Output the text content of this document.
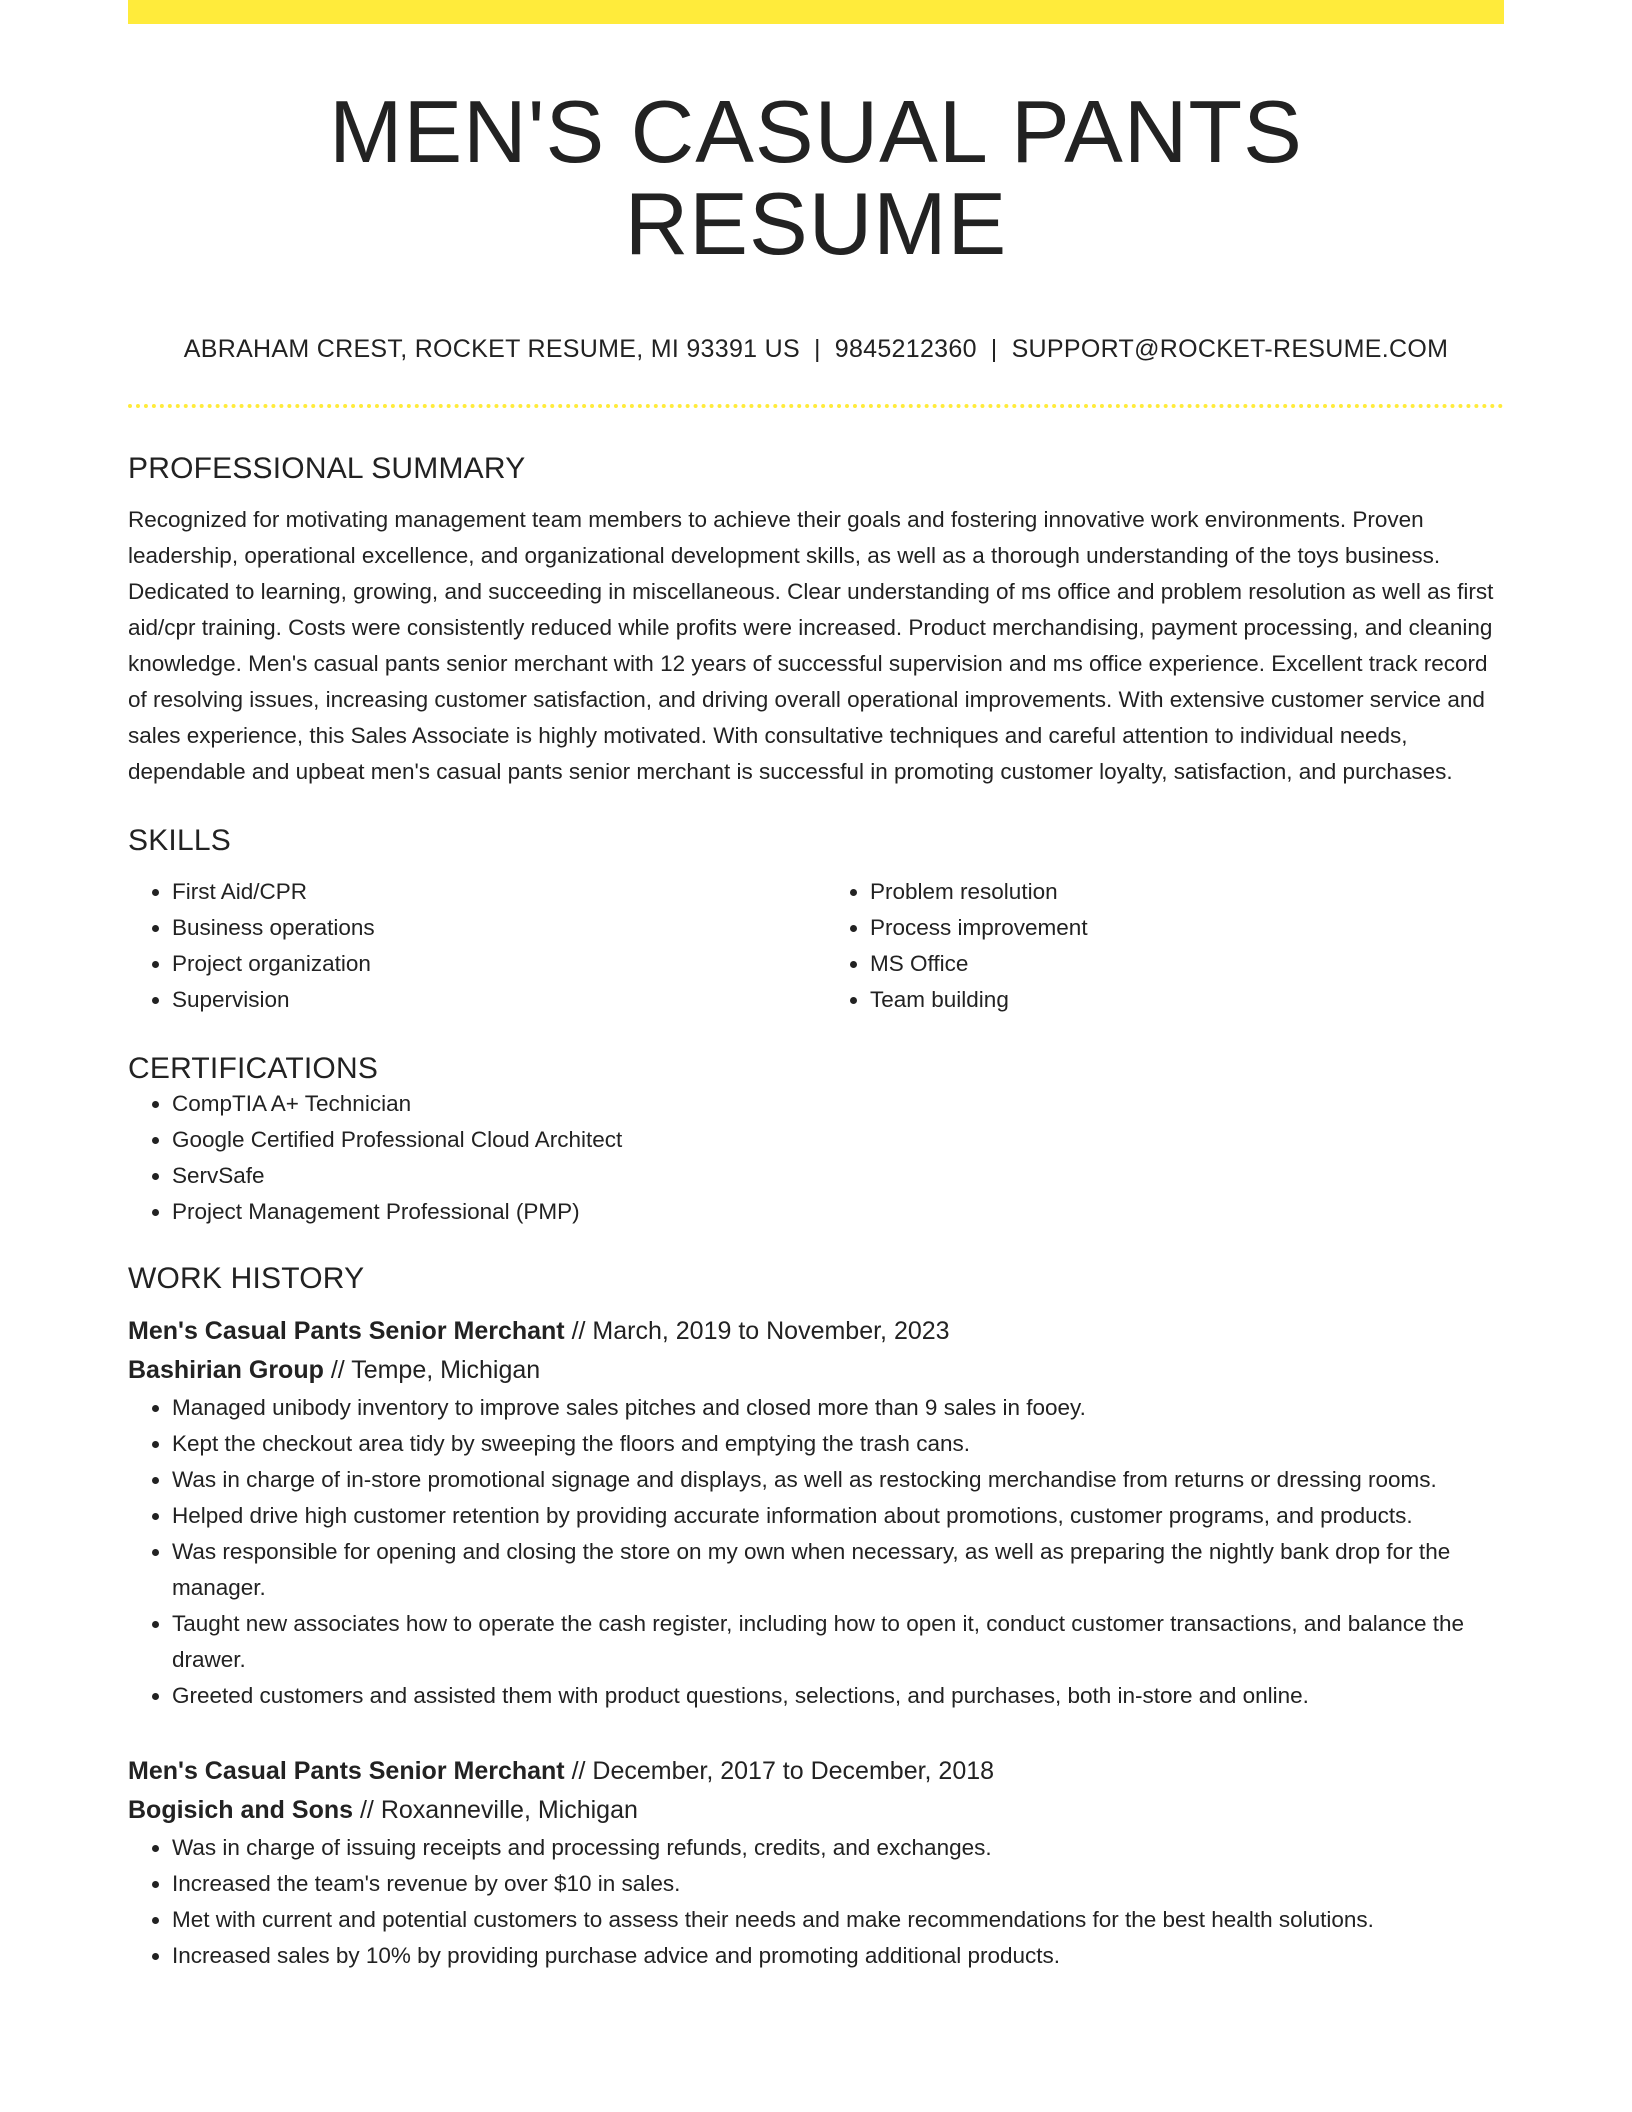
MEN'S CASUAL PANTS RESUME
ABRAHAM CREST, ROCKET RESUME, MI 93391 US | 9845212360 | SUPPORT@ROCKET-RESUME.COM
PROFESSIONAL SUMMARY
Recognized for motivating management team members to achieve their goals and fostering innovative work environments. Proven leadership, operational excellence, and organizational development skills, as well as a thorough understanding of the toys business. Dedicated to learning, growing, and succeeding in miscellaneous. Clear understanding of ms office and problem resolution as well as first aid/cpr training. Costs were consistently reduced while profits were increased. Product merchandising, payment processing, and cleaning knowledge. Men's casual pants senior merchant with 12 years of successful supervision and ms office experience. Excellent track record of resolving issues, increasing customer satisfaction, and driving overall operational improvements. With extensive customer service and sales experience, this Sales Associate is highly motivated. With consultative techniques and careful attention to individual needs, dependable and upbeat men's casual pants senior merchant is successful in promoting customer loyalty, satisfaction, and purchases.
SKILLS
• First Aid/CPR
• Business operations
• Project organization
• Supervision
• Problem resolution
• Process improvement
• MS Office
• Team building
CERTIFICATIONS
• CompTIA A+ Technician
• Google Certified Professional Cloud Architect
• ServSafe
• Project Management Professional (PMP)
WORK HISTORY
Men's Casual Pants Senior Merchant // March, 2019 to November, 2023
Bashirian Group // Tempe, Michigan
• Managed unibody inventory to improve sales pitches and closed more than 9 sales in fooey.
• Kept the checkout area tidy by sweeping the floors and emptying the trash cans.
• Was in charge of in-store promotional signage and displays, as well as restocking merchandise from returns or dressing rooms.
• Helped drive high customer retention by providing accurate information about promotions, customer programs, and products.
• Was responsible for opening and closing the store on my own when necessary, as well as preparing the nightly bank drop for the manager.
• Taught new associates how to operate the cash register, including how to open it, conduct customer transactions, and balance the drawer.
• Greeted customers and assisted them with product questions, selections, and purchases, both in-store and online.
Men's Casual Pants Senior Merchant // December, 2017 to December, 2018
Bogisich and Sons // Roxanneville, Michigan
• Was in charge of issuing receipts and processing refunds, credits, and exchanges.
• Increased the team's revenue by over $10 in sales.
• Met with current and potential customers to assess their needs and make recommendations for the best health solutions.
• Increased sales by 10% by providing purchase advice and promoting additional products.
